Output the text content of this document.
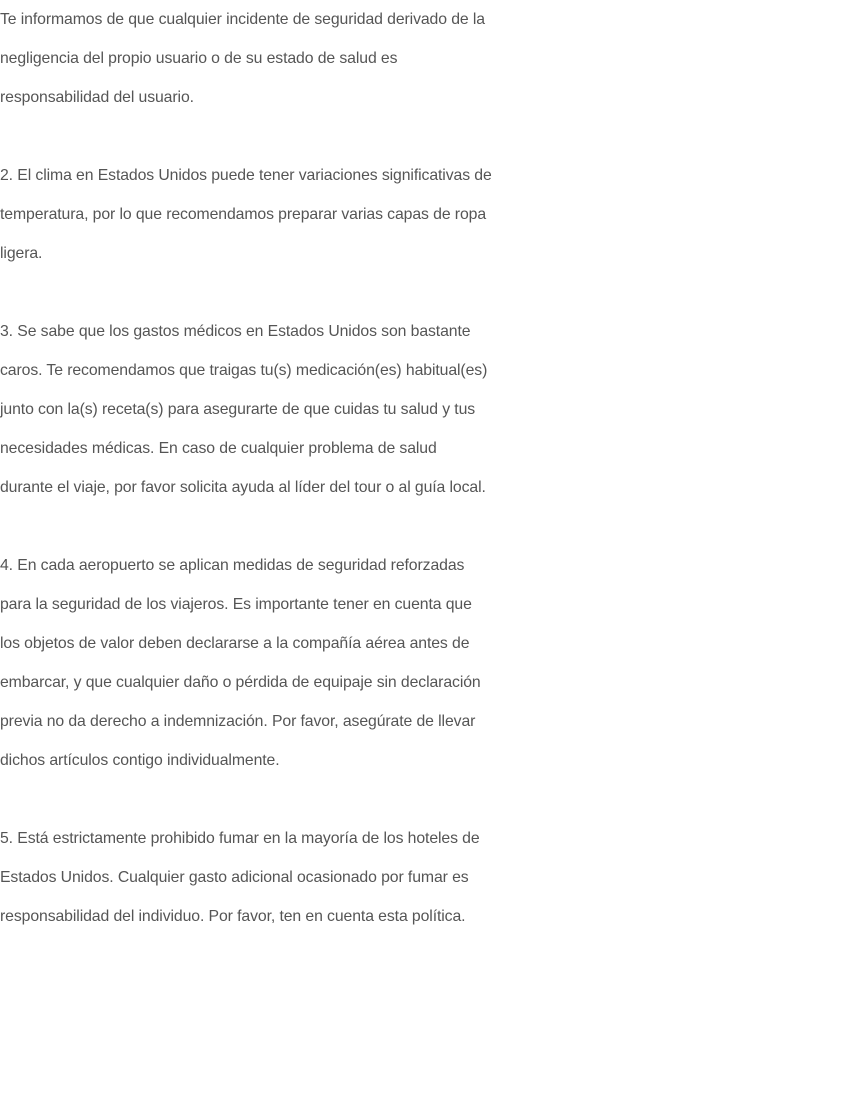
Te informamos de que cualquier incidente de seguridad derivado de la
negligencia del propio usuario o de su estado de salud es
responsabilidad del usuario.

2. El clima en Estados Unidos puede tener variaciones significativas de
temperatura, por lo que recomendamos preparar varias capas de ropa
ligera.

3. Se sabe que los gastos médicos en Estados Unidos son bastante
caros. Te recomendamos que traigas tu(s) medicación(es) habitual(es)
junto con la(s) receta(s) para asegurarte de que cuidas tu salud y tus
necesidades médicas. En caso de cualquier problema de salud
durante el viaje, por favor solicita ayuda al líder del tour o al guía local.

4. En cada aeropuerto se aplican medidas de seguridad reforzadas
para la seguridad de los viajeros. Es importante tener en cuenta que
los objetos de valor deben declararse a la compañía aérea antes de
embarcar, y que cualquier daño o pérdida de equipaje sin declaración
previa no da derecho a indemnización. Por favor, asegúrate de llevar
dichos artículos contigo individualmente.

5. Está estrictamente prohibido fumar en la mayoría de los hoteles de
Estados Unidos. Cualquier gasto adicional ocasionado por fumar es
responsabilidad del individuo. Por favor, ten en cuenta esta política.
